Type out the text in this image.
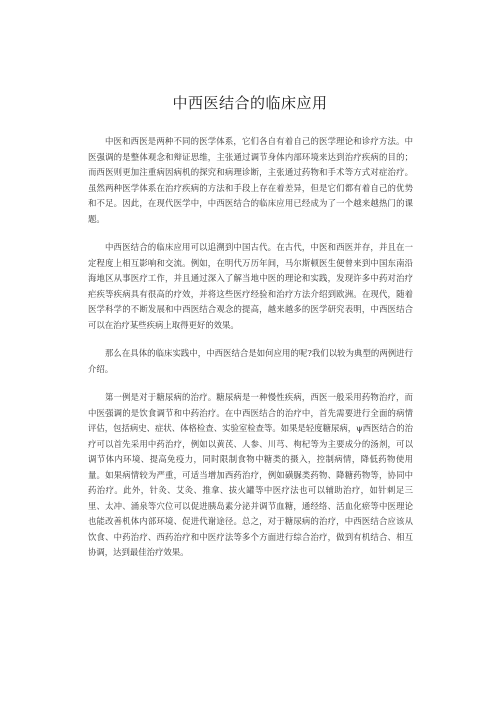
中西医结合的临床应用

中医和西医是两种不同的医学体系，它们各自有着自己的医学理论和诊疗方法。中医强调的是整体观念和辩证思维，主张通过调节身体内部环境来达到治疗疾病的目的；而西医则更加注重病因病机的探究和病理诊断，主张通过药物和手术等方式对症治疗。虽然两种医学体系在治疗疾病的方法和手段上存在着差异，但是它们都有着自己的优势和不足。因此，在现代医学中，中西医结合的临床应用已经成为了一个越来越热门的课题。

中西医结合的临床应用可以追溯到中国古代。在古代，中医和西医并存，并且在一定程度上相互影响和交流。例如，在明代万历年间，马尔斯顿医生便曾来到中国东南沿海地区从事医疗工作，并且通过深入了解当地中医的理论和实践，发现许多中药对治疗疟疾等疾病具有很高的疗效，并将这些医疗经验和治疗方法介绍到欧洲。在现代，随着医学科学的不断发展和中西医结合观念的提高，越来越多的医学研究表明，中西医结合可以在治疗某些疾病上取得更好的效果。

那么在具体的临床实践中，中西医结合是如何应用的呢?我们以较为典型的两例进行介绍。

第一例是对于糖尿病的治疗。糖尿病是一种慢性疾病，西医一般采用药物治疗，而中医强调的是饮食调节和中药治疗。在中西医结合的治疗中，首先需要进行全面的病情评估，包括病史、症状、体格检查、实验室检查等。如果是轻度糖尿病，ψ西医结合的治疗可以首先采用中药治疗，例如以黄芪、人参、川芎、枸杞等为主要成分的汤剂，可以调节体内环境、提高免疫力，同时限制食物中糖类的摄入，控制病情，降低药物使用量。如果病情较为严重，可适当增加西药治疗，例如磺脲类药物、降糖药物等，协同中药治疗。此外，针灸、艾灸、推拿、拔火罐等中医疗法也可以辅助治疗，如针刺足三里、太冲、涌泉等穴位可以促进胰岛素分泌并调节血糖，通经络、活血化瘀等中医理论也能改善机体内部环境、促进代谢途径。总之，对于糖尿病的治疗，中西医结合应该从饮食、中药治疗、西药治疗和中医疗法等多个方面进行综合治疗，做到有机结合、相互协调，达到最佳治疗效果。
